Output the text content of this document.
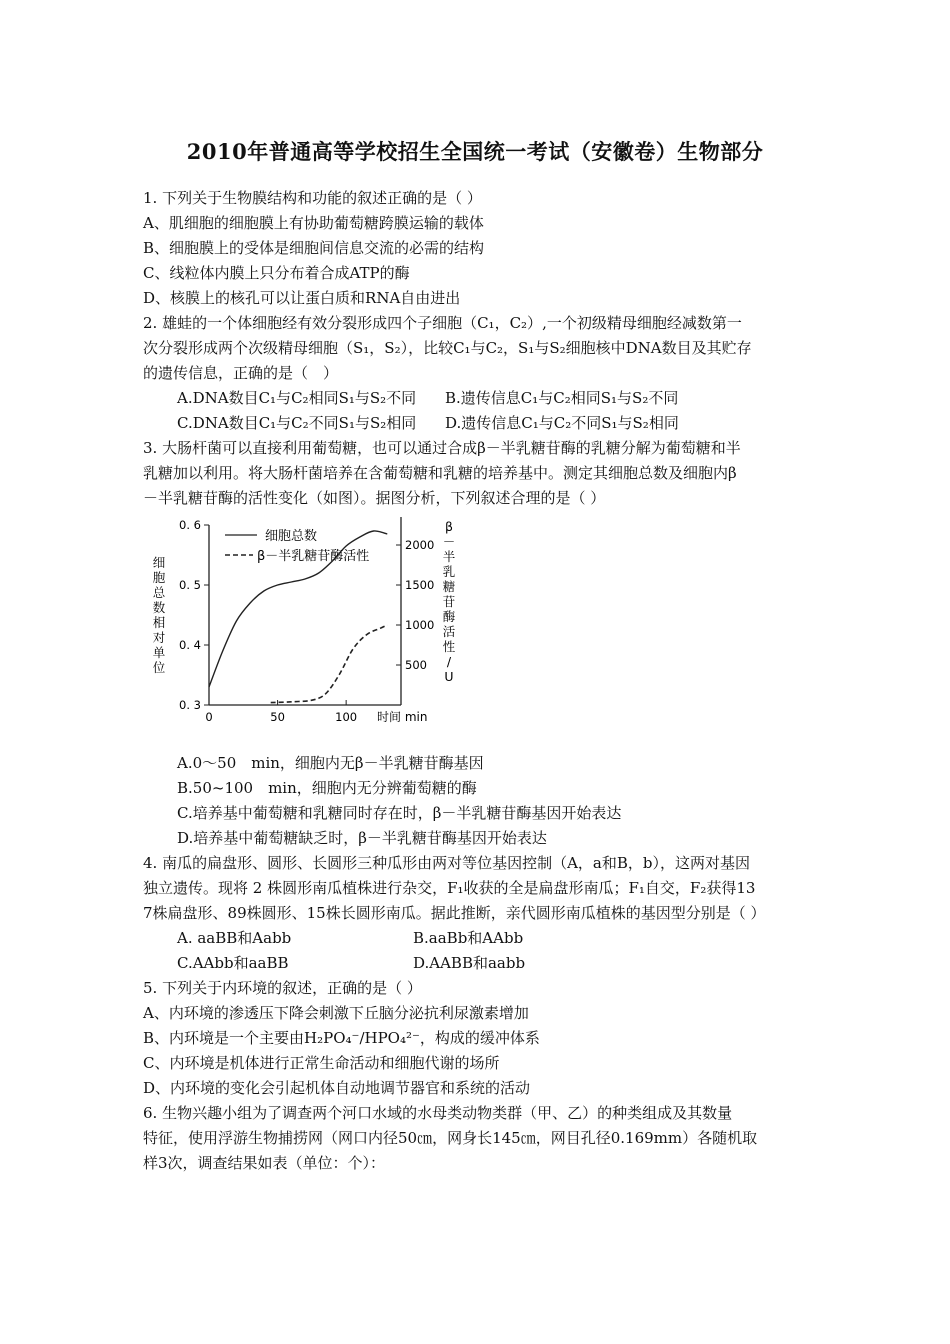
2010年普通高等学校招生全国统一考试（安徽卷）生物部分
1. 下列关于生物膜结构和功能的叙述正确的是（ ）
A、肌细胞的细胞膜上有协助葡萄糖跨膜运输的载体
B、细胞膜上的受体是细胞间信息交流的必需的结构
C、线粒体内膜上只分布着合成ATP的酶
D、核膜上的核孔可以让蛋白质和RNA自由进出
2. 雄蛙的一个体细胞经有效分裂形成四个子细胞（C₁，C₂）,一个初级精母细胞经减数第一
次分裂形成两个次级精母细胞（S₁，S₂），比较C₁与C₂，S₁与S₂细胞核中DNA数目及其贮存
的遗传信息，正确的是（　）
A.DNA数目C₁与C₂相同S₁与S₂不同	B.遗传信息C₁与C₂相同S₁与S₂不同
C.DNA数目C₁与C₂不同S₁与S₂相同	D.遗传信息C₁与C₂不同S₁与S₂相同
3. 大肠杆菌可以直接利用葡萄糖，也可以通过合成β－半乳糖苷酶的乳糖分解为葡萄糖和半
乳糖加以利用。将大肠杆菌培养在含葡萄糖和乳糖的培养基中。测定其细胞总数及细胞内β
－半乳糖苷酶的活性变化（如图）。据图分析，下列叙述合理的是（ ）
0. 3
0. 4
0. 5
0. 6
500
1000
1500
2000
0	50	100
细胞总数
β－半乳糖苷酶活性
细胞总数相对单位
β －半乳糖苷酶活性/ U
时间 min
A.0～50　min，细胞内无β－半乳糖苷酶基因
B.50~100　min，细胞内无分辨葡萄糖的酶
C.培养基中葡萄糖和乳糖同时存在时，β－半乳糖苷酶基因开始表达
D.培养基中葡萄糖缺乏时，β－半乳糖苷酶基因开始表达
4. 南瓜的扁盘形、圆形、长圆形三种瓜形由两对等位基因控制（A，a和B，b），这两对基因
独立遗传。现将 2 株圆形南瓜植株进行杂交，F₁收获的全是扁盘形南瓜；F₁自交，F₂获得13
7株扁盘形、89株圆形、15株长圆形南瓜。据此推断，亲代圆形南瓜植株的基因型分别是（ ）
A. aaBB和Aabb	B.aaBb和AAbb
C.AAbb和aaBB	D.AABB和aabb
5. 下列关于内环境的叙述，正确的是（ ）
A、内环境的渗透压下降会刺激下丘脑分泌抗利尿激素增加
B、内环境是一个主要由H₂PO₄⁻/HPO₄²⁻，构成的缓冲体系
C、内环境是机体进行正常生命活动和细胞代谢的场所
D、内环境的变化会引起机体自动地调节器官和系统的活动
6. 生物兴趣小组为了调查两个河口水域的水母类动物类群（甲、乙）的种类组成及其数量
特征，使用浮游生物捕捞网（网口内径50㎝，网身长145㎝，网目孔径0.169mm）各随机取
样3次，调查结果如表（单位：个）：
